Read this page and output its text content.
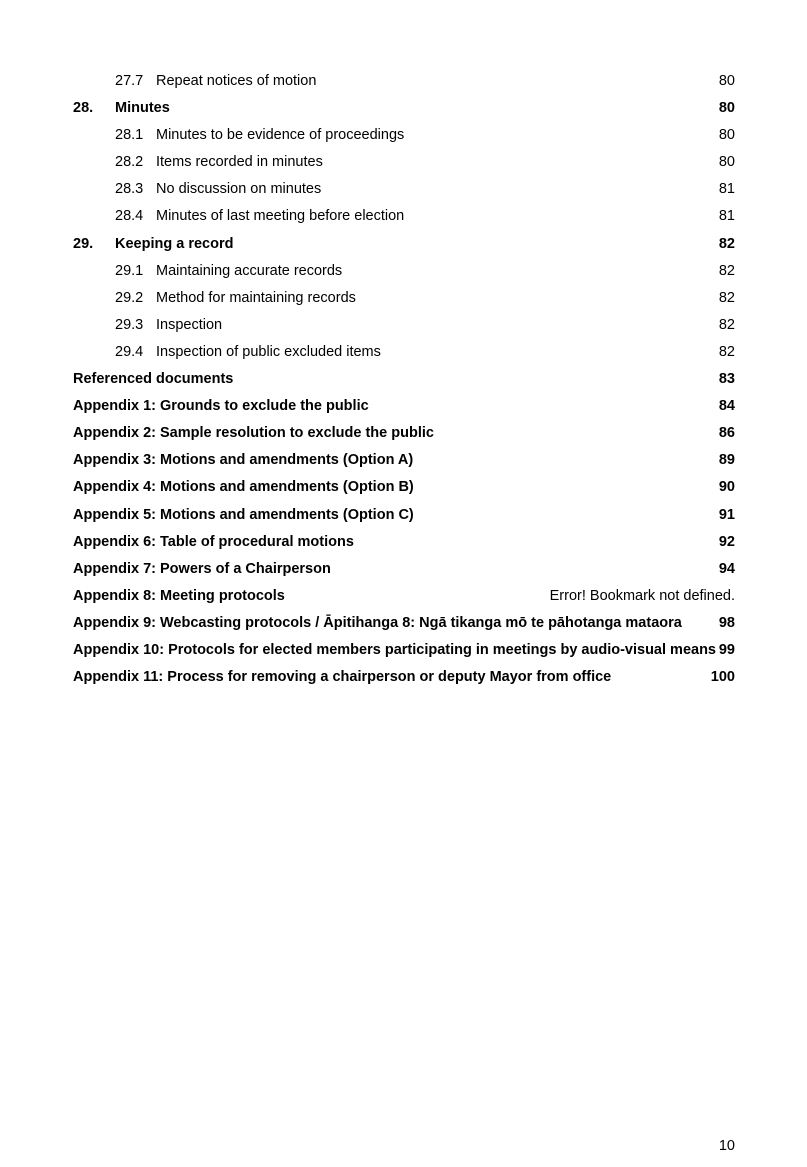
27.7 Repeat notices of motion	80
28. Minutes	80
28.1 Minutes to be evidence of proceedings	80
28.2 Items recorded in minutes	80
28.3 No discussion on minutes	81
28.4 Minutes of last meeting before election	81
29. Keeping a record	82
29.1 Maintaining accurate records	82
29.2 Method for maintaining records	82
29.3 Inspection	82
29.4 Inspection of public excluded items	82
Referenced documents	83
Appendix 1: Grounds to exclude the public	84
Appendix 2: Sample resolution to exclude the public	86
Appendix 3: Motions and amendments (Option A)	89
Appendix 4: Motions and amendments (Option B)	90
Appendix 5: Motions and amendments (Option C)	91
Appendix 6: Table of procedural motions	92
Appendix 7: Powers of a Chairperson	94
Appendix 8: Meeting protocols	Error! Bookmark not defined.
Appendix 9: Webcasting protocols / Āpitihanga 8: Ngā tikanga mō te pāhotanga mataora	98
Appendix 10: Protocols for elected members participating in meetings by audio-visual means 99
Appendix 11: Process for removing a chairperson or deputy Mayor from office	100
10
